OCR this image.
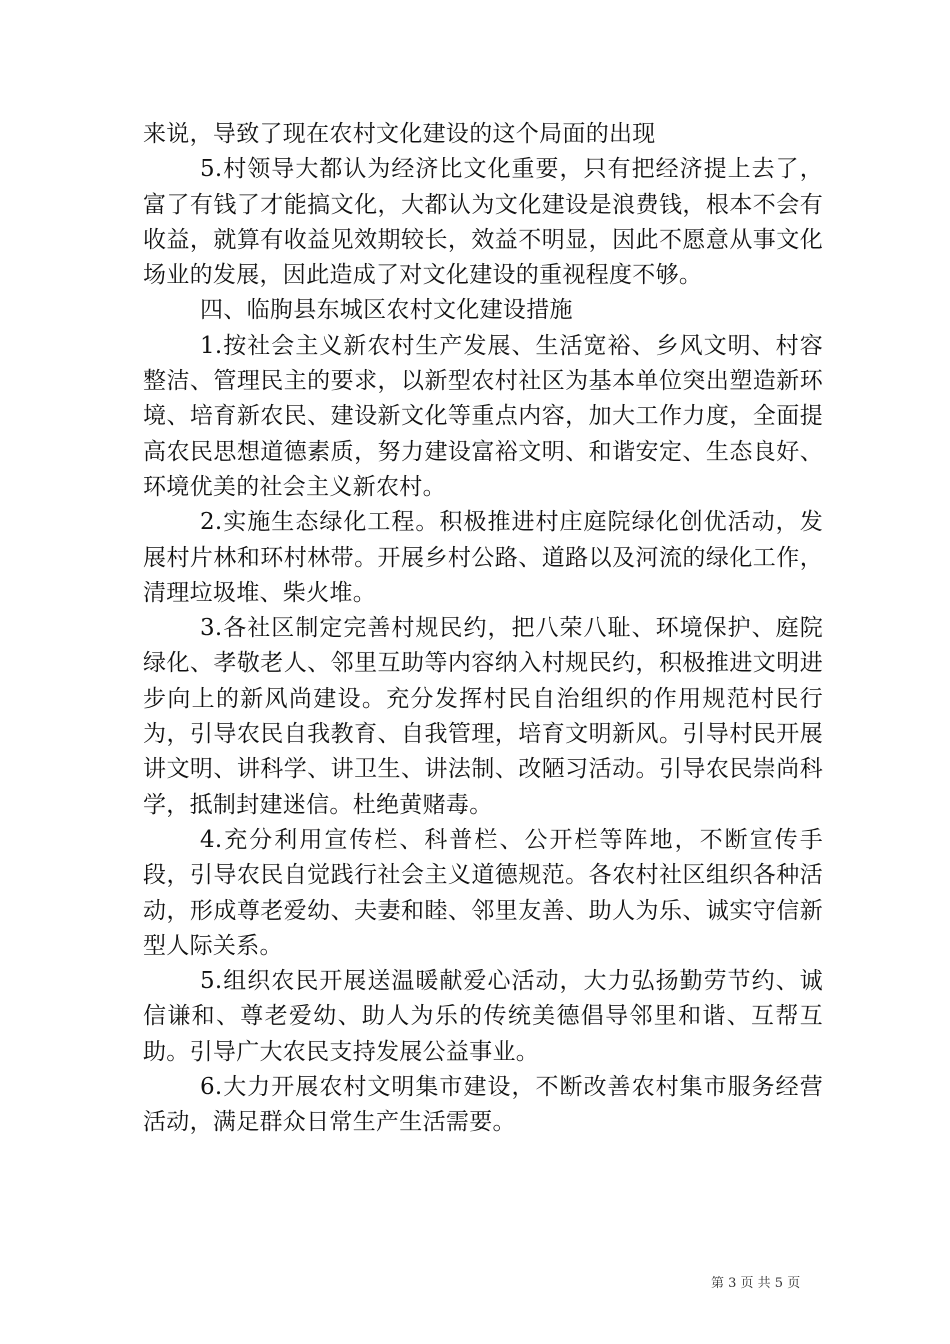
来说，导致了现在农村文化建设的这个局面的出现

5.村领导大都认为经济比文化重要，只有把经济提上去了，富了有钱了才能搞文化，大都认为文化建设是浪费钱，根本不会有收益，就算有收益见效期较长，效益不明显，因此不愿意从事文化场业的发展，因此造成了对文化建设的重视程度不够。

四、临朐县东城区农村文化建设措施

1.按社会主义新农村生产发展、生活宽裕、乡风文明、村容整洁、管理民主的要求，以新型农村社区为基本单位突出塑造新环境、培育新农民、建设新文化等重点内容，加大工作力度，全面提高农民思想道德素质，努力建设富裕文明、和谐安定、生态良好、环境优美的社会主义新农村。

2.实施生态绿化工程。积极推进村庄庭院绿化创优活动，发展村片林和环村林带。开展乡村公路、道路以及河流的绿化工作，清理垃圾堆、柴火堆。

3.各社区制定完善村规民约，把八荣八耻、环境保护、庭院绿化、孝敬老人、邻里互助等内容纳入村规民约，积极推进文明进步向上的新风尚建设。充分发挥村民自治组织的作用规范村民行为，引导农民自我教育、自我管理，培育文明新风。引导村民开展讲文明、讲科学、讲卫生、讲法制、改陋习活动。引导农民崇尚科学，抵制封建迷信。杜绝黄赌毒。

4.充分利用宣传栏、科普栏、公开栏等阵地，不断宣传手段，引导农民自觉践行社会主义道德规范。各农村社区组织各种活动，形成尊老爱幼、夫妻和睦、邻里友善、助人为乐、诚实守信新型人际关系。

5.组织农民开展送温暖献爱心活动，大力弘扬勤劳节约、诚信谦和、尊老爱幼、助人为乐的传统美德倡导邻里和谐、互帮互助。引导广大农民支持发展公益事业。

6.大力开展农村文明集市建设，不断改善农村集市服务经营活动，满足群众日常生产生活需要。

第 3 页 共 5 页
